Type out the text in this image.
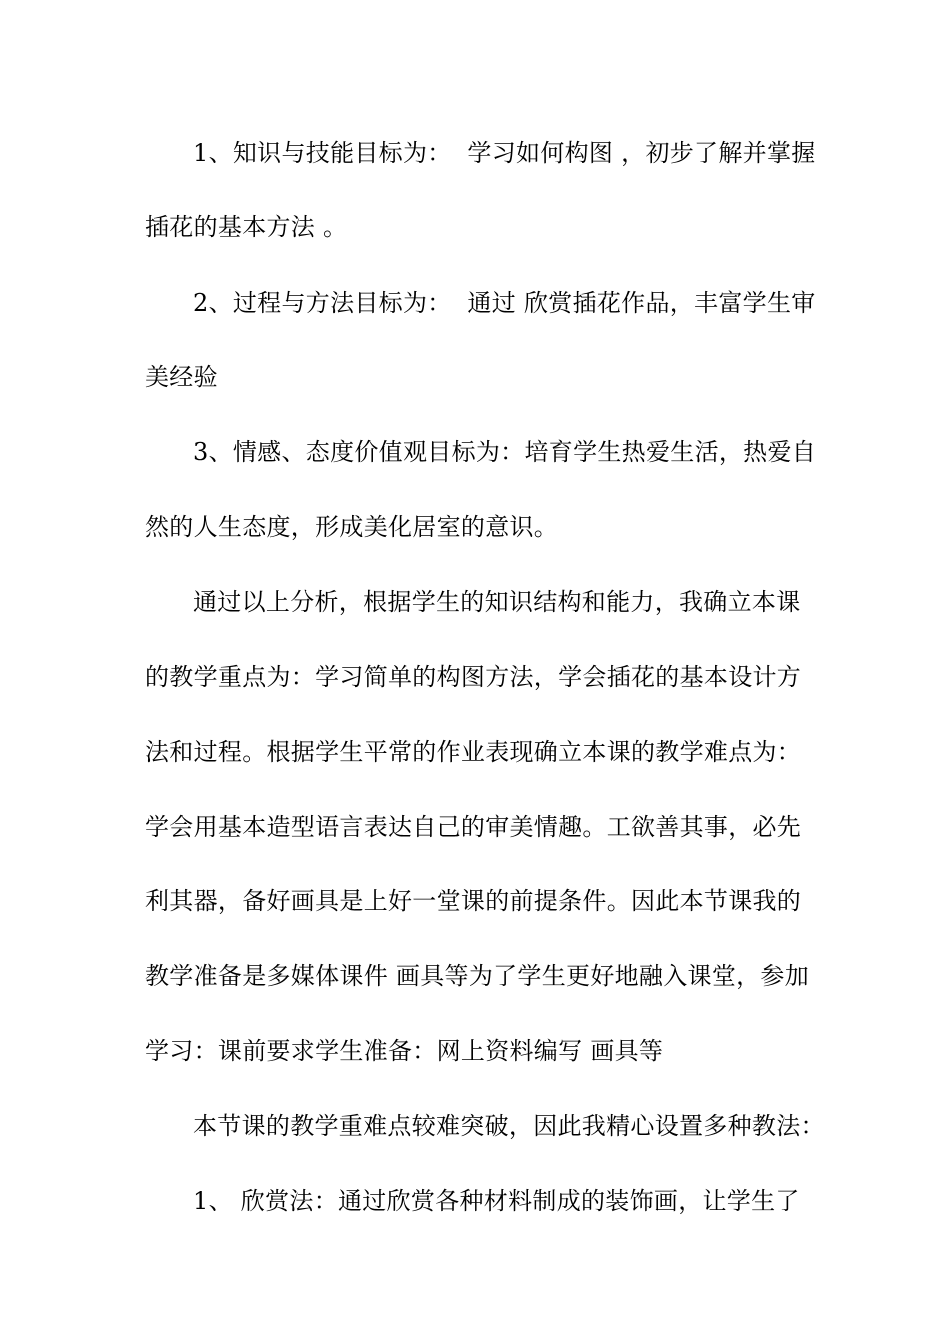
1、知识与技能目标为：  学习如何构图 ，初步了解并掌握
插花的基本方法 。
2、过程与方法目标为：  通过 欣赏插花作品，丰富学生审
美经验
3、情感、态度价值观目标为：培育学生热爱生活，热爱自
然的人生态度，形成美化居室的意识。
通过以上分析，根据学生的知识结构和能力，我确立本课
的教学重点为：学习简单的构图方法，学会插花的基本设计方
法和过程。根据学生平常的作业表现确立本课的教学难点为：
学会用基本造型语言表达自己的审美情趣。工欲善其事，必先
利其器，备好画具是上好一堂课的前提条件。因此本节课我的
教学准备是多媒体课件 画具等为了学生更好地融入课堂，参加
学习：课前要求学生准备：网上资料编写 画具等
本节课的教学重难点较难突破，因此我精心设置多种教法：
1、 欣赏法：通过欣赏各种材料制成的装饰画，让学生了
